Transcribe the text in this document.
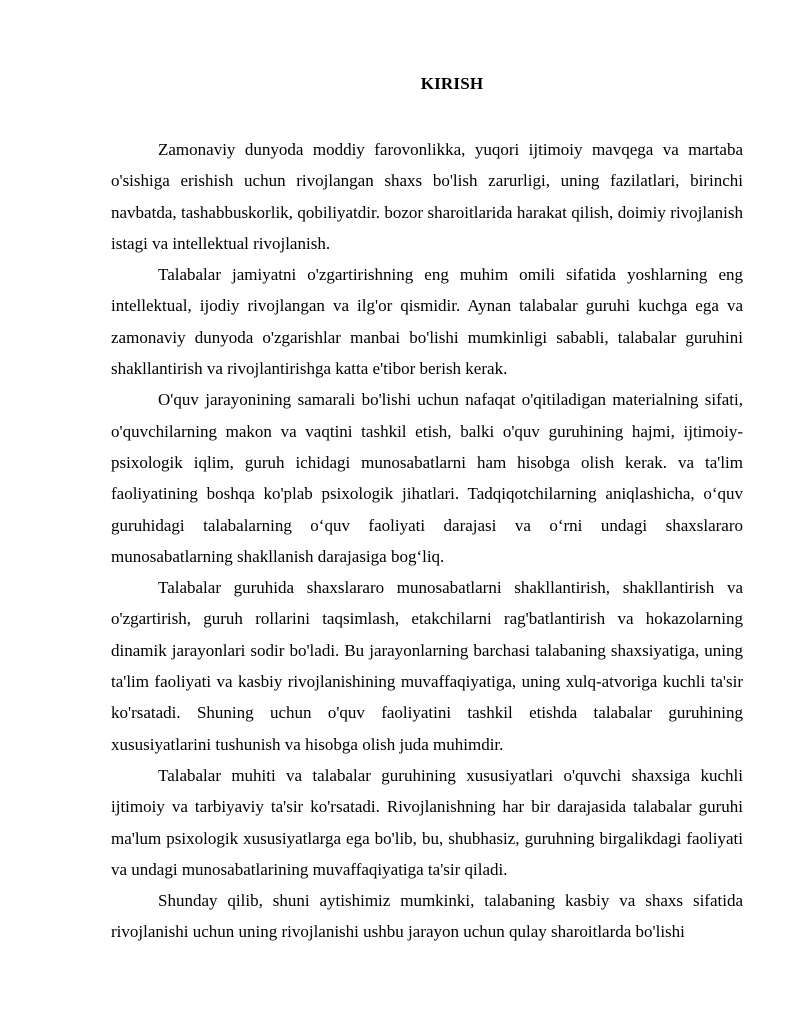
KIRISH

Zamonaviy dunyoda moddiy farovonlikka, yuqori ijtimoiy mavqega va martaba o'sishiga erishish uchun rivojlangan shaxs bo'lish zarurligi, uning fazilatlari, birinchi navbatda, tashabbuskorlik, qobiliyatdir. bozor sharoitlarida harakat qilish, doimiy rivojlanish istagi va intellektual rivojlanish.

Talabalar jamiyatni o'zgartirishning eng muhim omili sifatida yoshlarning eng intellektual, ijodiy rivojlangan va ilg'or qismidir. Aynan talabalar guruhi kuchga ega va zamonaviy dunyoda o'zgarishlar manbai bo'lishi mumkinligi sababli, talabalar guruhini shakllantirish va rivojlantirishga katta e'tibor berish kerak.

O'quv jarayonining samarali bo'lishi uchun nafaqat o'qitiladigan materialning sifati, o'quvchilarning makon va vaqtini tashkil etish, balki o'quv guruhining hajmi, ijtimoiy-psixologik iqlim, guruh ichidagi munosabatlarni ham hisobga olish kerak. va ta'lim faoliyatining boshqa ko'plab psixologik jihatlari. Tadqiqotchilarning aniqlashicha, o‘quv guruhidagi talabalarning o‘quv faoliyati darajasi va o‘rni undagi shaxslararo munosabatlarning shakllanish darajasiga bog‘liq.

Talabalar guruhida shaxslararo munosabatlarni shakllantirish, shakllantirish va o'zgartirish, guruh rollarini taqsimlash, etakchilarni rag'batlantirish va hokazolarning dinamik jarayonlari sodir bo'ladi. Bu jarayonlarning barchasi talabaning shaxsiyatiga, uning ta'lim faoliyati va kasbiy rivojlanishining muvaffaqiyatiga, uning xulq-atvoriga kuchli ta'sir ko'rsatadi. Shuning uchun o'quv faoliyatini tashkil etishda talabalar guruhining xususiyatlarini tushunish va hisobga olish juda muhimdir.

Talabalar muhiti va talabalar guruhining xususiyatlari o'quvchi shaxsiga kuchli ijtimoiy va tarbiyaviy ta'sir ko'rsatadi. Rivojlanishning har bir darajasida talabalar guruhi ma'lum psixologik xususiyatlarga ega bo'lib, bu, shubhasiz, guruhning birgalikdagi faoliyati va undagi munosabatlarining muvaffaqiyatiga ta'sir qiladi.

Shunday qilib, shuni aytishimiz mumkinki, talabaning kasbiy va shaxs sifatida rivojlanishi uchun uning rivojlanishi ushbu jarayon uchun qulay sharoitlarda bo'lishi
